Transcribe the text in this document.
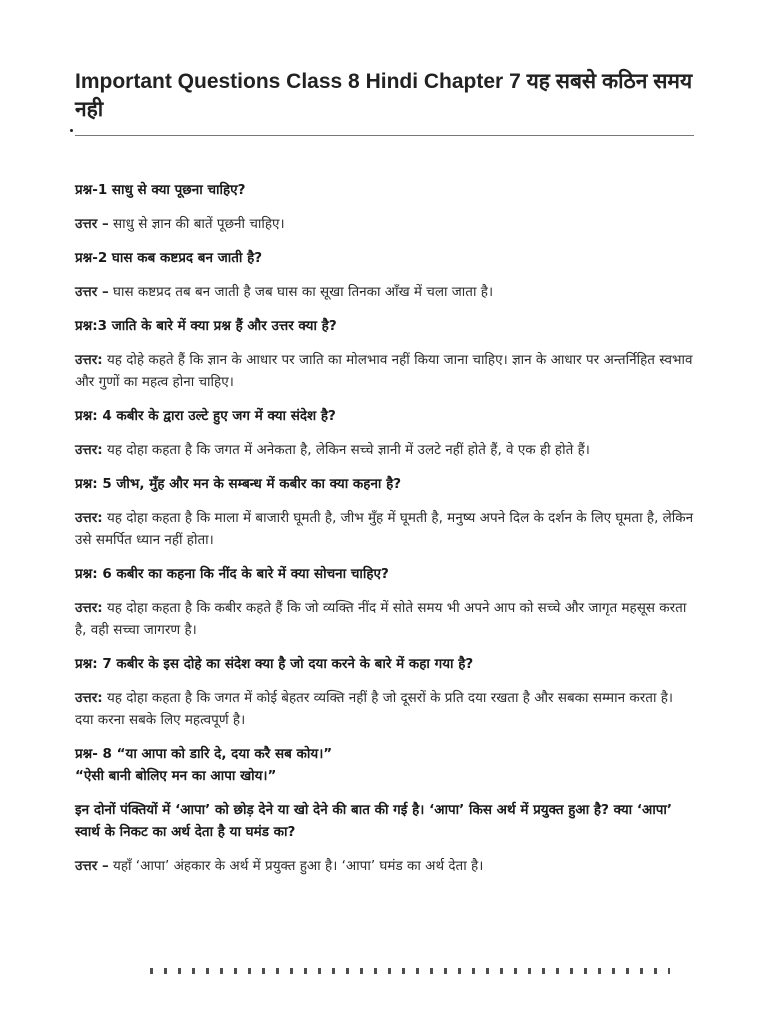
Important Questions Class 8 Hindi Chapter 7 यह सबसे कठिन समय नही

प्रश्न-1 साधु से क्या पूछना चाहिए?

उत्तर – साधु से ज्ञान की बातें पूछनी चाहिए।

प्रश्न-2 घास कब कष्टप्रद बन जाती है?

उत्तर – घास कष्टप्रद तब बन जाती है जब घास का सूखा तिनका आँख में चला जाता है।

प्रश्न:3 जाति के बारे में क्या प्रश्न हैं और उत्तर क्या है?

उत्तर: यह दोहे कहते हैं कि ज्ञान के आधार पर जाति का मोलभाव नहीं किया जाना चाहिए। ज्ञान के आधार पर अन्तर्निहित स्वभाव और गुणों का महत्व होना चाहिए।

प्रश्न: 4 कबीर के द्वारा उल्टे हुए जग में क्या संदेश है?

उत्तर: यह दोहा कहता है कि जगत में अनेकता है, लेकिन सच्चे ज्ञानी में उलटे नहीं होते हैं, वे एक ही होते हैं।

प्रश्न: 5 जीभ, मुँह और मन के सम्बन्ध में कबीर का क्या कहना है?

उत्तर: यह दोहा कहता है कि माला में बाजारी घूमती है, जीभ मुँह में घूमती है, मनुष्य अपने दिल के दर्शन के लिए घूमता है, लेकिन उसे समर्पित ध्यान नहीं होता।

प्रश्न: 6 कबीर का कहना कि नींद के बारे में क्या सोचना चाहिए?

उत्तर: यह दोहा कहता है कि कबीर कहते हैं कि जो व्यक्ति नींद में सोते समय भी अपने आप को सच्चे और जागृत महसूस करता है, वही सच्चा जागरण है।

प्रश्न: 7 कबीर के इस दोहे का संदेश क्या है जो दया करने के बारे में कहा गया है?

उत्तर: यह दोहा कहता है कि जगत में कोई बेहतर व्यक्ति नहीं है जो दूसरों के प्रति दया रखता है और सबका सम्मान करता है। दया करना सबके लिए महत्वपूर्ण है।

प्रश्न- 8 “या आपा को डारि दे, दया करै सब कोय।”
“ऐसी बानी बोलिए मन का आपा खोय।”

इन दोनों पंक्तियों में ‘आपा’ को छोड़ देने या खो देने की बात की गई है। ‘आपा’ किस अर्थ में प्रयुक्त हुआ है? क्या ‘आपा’ स्वार्थ के निकट का अर्थ देता है या घमंड का?

उत्तर – यहाँ ‘आपा’ अंहकार के अर्थ में प्रयुक्त हुआ है। ‘आपा’ घमंड का अर्थ देता है।
